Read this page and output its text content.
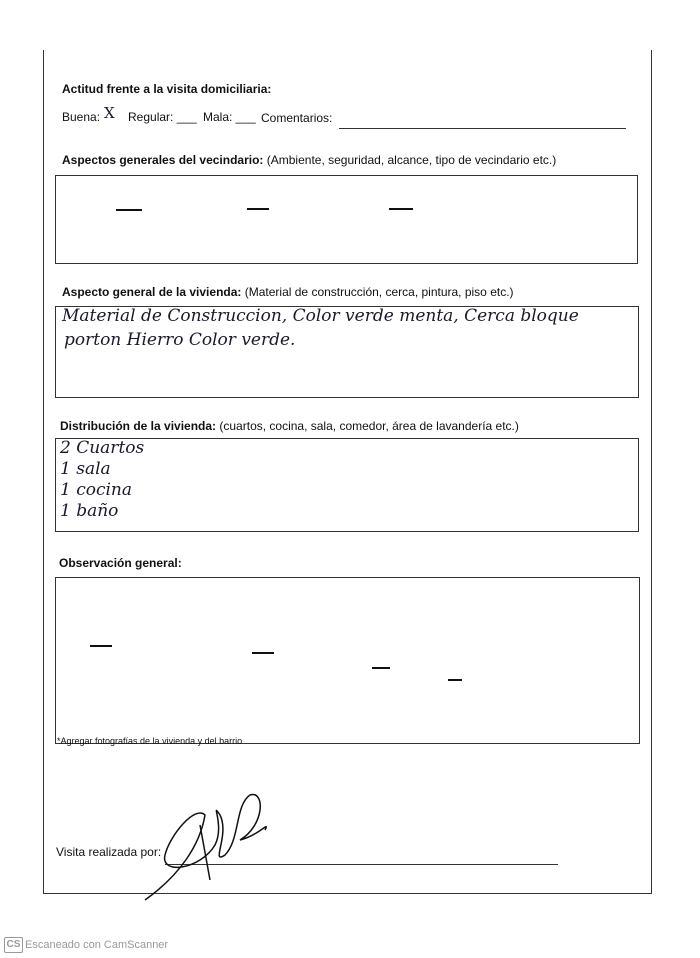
Actitud frente a la visita domiciliaria:
Buena: X Regular: ___ Mala: ___ Comentarios:
Aspectos generales del vecindario: (Ambiente, seguridad, alcance, tipo de vecindario etc.)
Aspecto general de la vivienda: (Material de construcción, cerca, pintura, piso etc.)
Material de Construccion, Color verde menta, Cerca bloque
porton Hierro Color verde.
Distribución de la vivienda: (cuartos, cocina, sala, comedor, área de lavandería etc.)
2 Cuartos
1 sala
1 cocina
1 baño
Observación general:
*Agregar fotografías de la vivienda y del barrio
Visita realizada por:
CS Escaneado con CamScanner
